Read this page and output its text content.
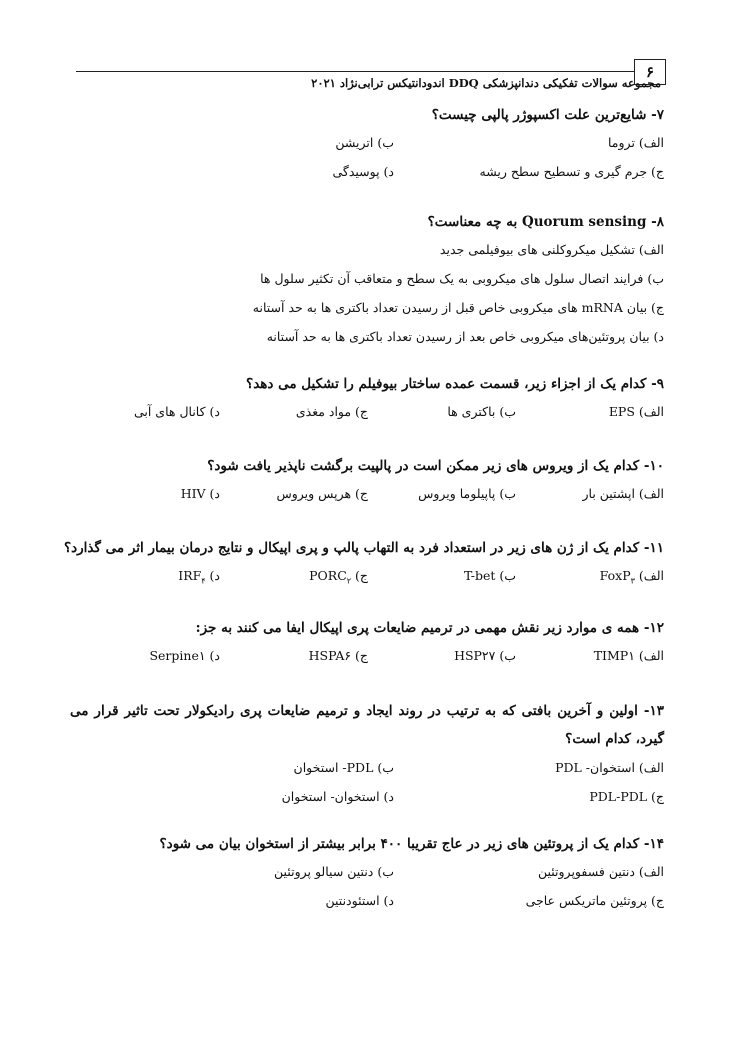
۶
مجموعه سوالات تفکیکی دندانپزشکی DDQ اندودانتیکس ترابی‌نژاد ۲۰۲۱
۷- شایع‌ترین علت اکسپوژر پالپی چیست؟
الف) تروما
ب) اتریشن
ج) جرم گیری و تسطیح سطح ریشه
د) پوسیدگی
۸- Quorum sensing به چه معناست؟
الف) تشکیل میکروکلنی های بیوفیلمی جدید
ب) فرایند اتصال سلول های میکروبی به یک سطح و متعاقب آن تکثیر سلول ها
ج) بیان mRNA های میکروبی خاص قبل از رسیدن تعداد باکتری ها به حد آستانه
د) بیان پروتئین‌های میکروبی خاص بعد از رسیدن تعداد باکتری ها به حد آستانه
۹- کدام یک از اجزاء زیر، قسمت عمده ساختار بیوفیلم را تشکیل می دهد؟
الف) EPS
ب) باکتری ها
ج) مواد مغذی
د) کانال های آبی
۱۰- کدام یک از ویروس های زیر ممکن است در پالپیت برگشت ناپذیر یافت شود؟
الف) اپشتین بار
ب) پاپیلوما ویروس
ج) هرپس ویروس
د) HIV
۱۱- کدام یک از ژن های زیر در استعداد فرد به التهاب پالپ و پری اپیکال و نتایج درمان بیمار اثر می گذارد؟
الف) FoxP$_۳$
ب) T-bet
ج) $PORC_۲$
د) $IRF_۴$
۱۲- همه ی موارد زیر نقش مهمی در ترمیم ضایعات پری اپیکال ایفا می کنند به جز:
الف) TIMP۱
ب) HSP۲۷
ج) HSPA۶
د) Serpine۱
۱۳- اولین و آخرین بافتی که به ترتیب در روند ایجاد و ترمیم ضایعات پری رادیکولار تحت تاثیر قرار می گیرد، کدام است؟
الف) استخوان- PDL
ب) PDL- استخوان
ج) PDL-PDL
د) استخوان- استخوان
۱۴- کدام یک از پروتئین های زیر در عاج تقریبا ۴۰۰ برابر بیشتر از استخوان بیان می شود؟
الف) دنتین فسفوپروتئین
ب) دنتین سیالو پروتئین
ج) پروتئین ماتریکس عاجی
د) استئودنتین
